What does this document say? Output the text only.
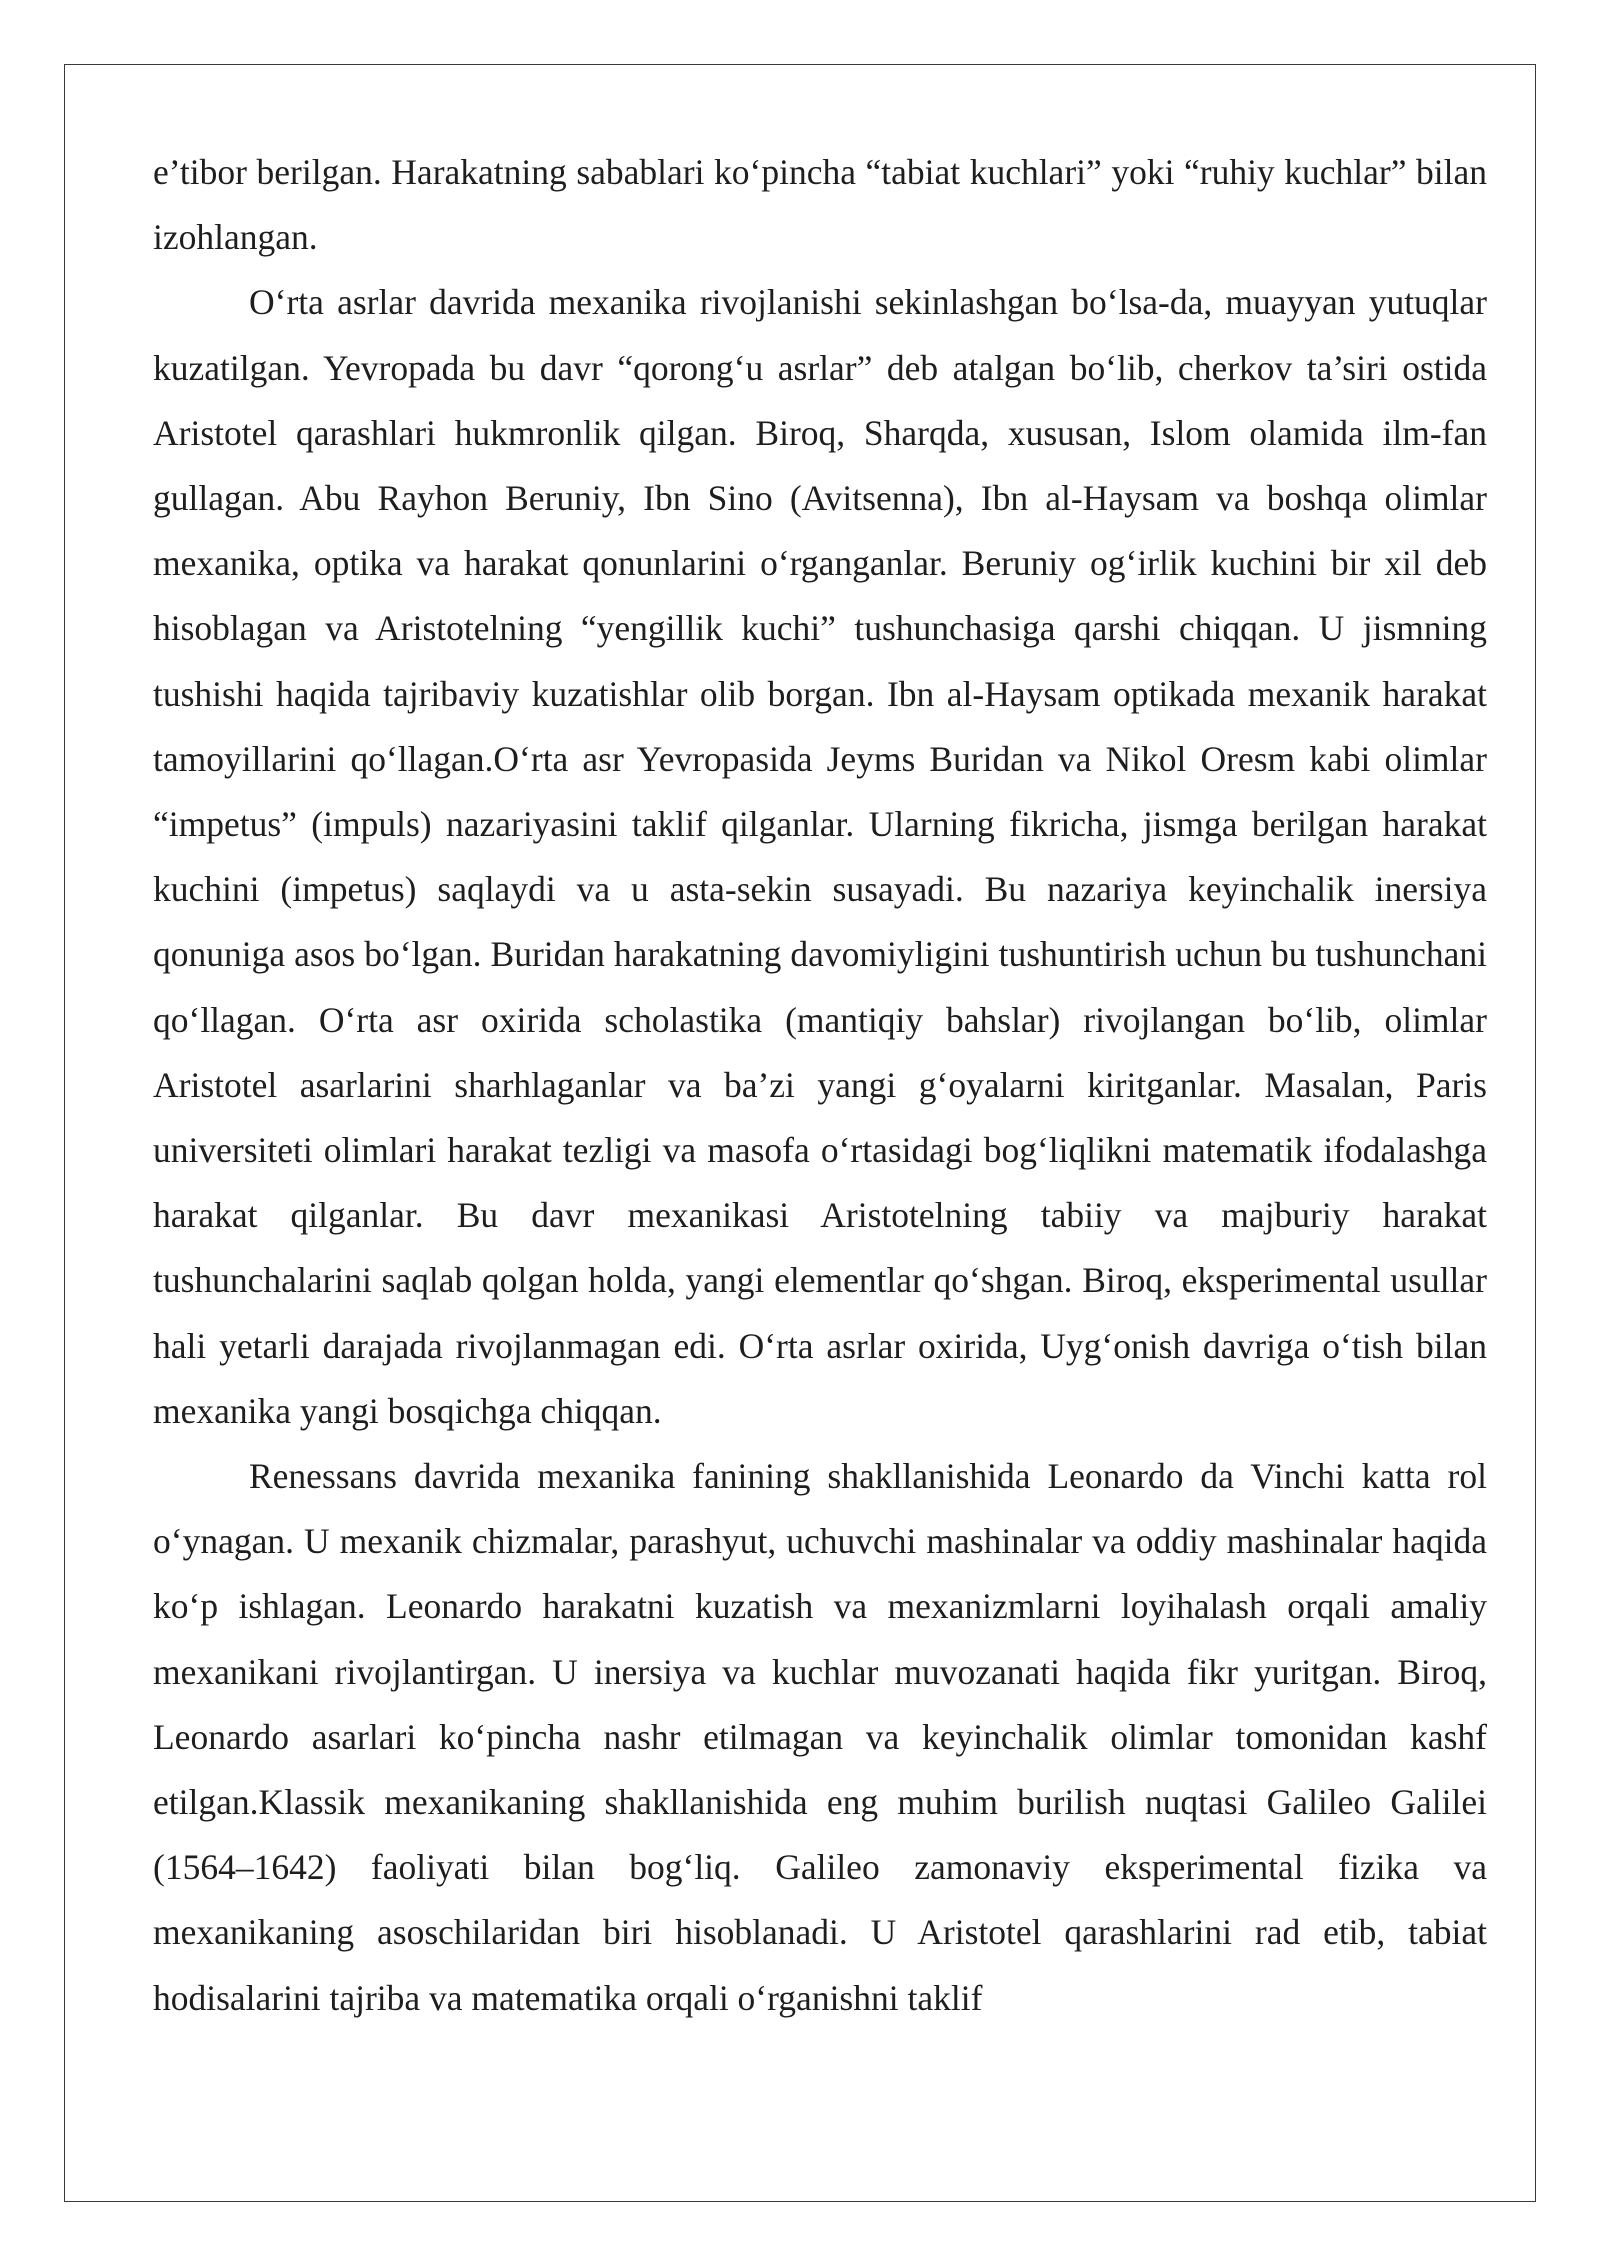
e’tibor berilgan. Harakatning sabablari ko‘pincha “tabiat kuchlari” yoki “ruhiy kuchlar” bilan izohlangan.

O‘rta asrlar davrida mexanika rivojlanishi sekinlashgan bo‘lsa-da, muayyan yutuqlar kuzatilgan. Yevropada bu davr “qorong‘u asrlar” deb atalgan bo‘lib, cherkov ta’siri ostida Aristotel qarashlari hukmronlik qilgan. Biroq, Sharqda, xususan, Islom olamida ilm-fan gullagan. Abu Rayhon Beruniy, Ibn Sino (Avitsenna), Ibn al-Haysam va boshqa olimlar mexanika, optika va harakat qonunlarini o‘rganganlar. Beruniy og‘irlik kuchini bir xil deb hisoblagan va Aristotelning “yengillik kuchi” tushunchasiga qarshi chiqqan. U jismning tushishi haqida tajribaviy kuzatishlar olib borgan. Ibn al-Haysam optikada mexanik harakat tamoyillarini qo‘llagan.O‘rta asr Yevropasida Jeyms Buridan va Nikol Oresm kabi olimlar “impetus” (impuls) nazariyasini taklif qilganlar. Ularning fikricha, jismga berilgan harakat kuchini (impetus) saqlaydi va u asta-sekin susayadi. Bu nazariya keyinchalik inersiya qonuniga asos bo‘lgan. Buridan harakatning davomiyligini tushuntirish uchun bu tushunchani qo‘llagan. O‘rta asr oxirida scholastika (mantiqiy bahslar) rivojlangan bo‘lib, olimlar Aristotel asarlarini sharhlaganlar va ba’zi yangi g‘oyalarni kiritganlar. Masalan, Paris universiteti olimlari harakat tezligi va masofa o‘rtasidagi bog‘liqlikni matematik ifodalashga harakat qilganlar. Bu davr mexanikasi Aristotelning tabiiy va majburiy harakat tushunchalarini saqlab qolgan holda, yangi elementlar qo‘shgan. Biroq, eksperimental usullar hali yetarli darajada rivojlanmagan edi. O‘rta asrlar oxirida, Uyg‘onish davriga o‘tish bilan mexanika yangi bosqichga chiqqan.

Renessans davrida mexanika fanining shakllanishida Leonardo da Vinchi katta rol o‘ynagan. U mexanik chizmalar, parashyut, uchuvchi mashinalar va oddiy mashinalar haqida ko‘p ishlagan. Leonardo harakatni kuzatish va mexanizmlarni loyihalash orqali amaliy mexanikani rivojlantirgan. U inersiya va kuchlar muvozanati haqida fikr yuritgan. Biroq, Leonardo asarlari ko‘pincha nashr etilmagan va keyinchalik olimlar tomonidan kashf etilgan.Klassik mexanikaning shakllanishida eng muhim burilish nuqtasi Galileo Galilei (1564–1642) faoliyati bilan bog‘liq. Galileo zamonaviy eksperimental fizika va mexanikaning asoschilaridan biri hisoblanadi. U Aristotel qarashlarini rad etib, tabiat hodisalarini tajriba va matematika orqali o‘rganishni taklif
